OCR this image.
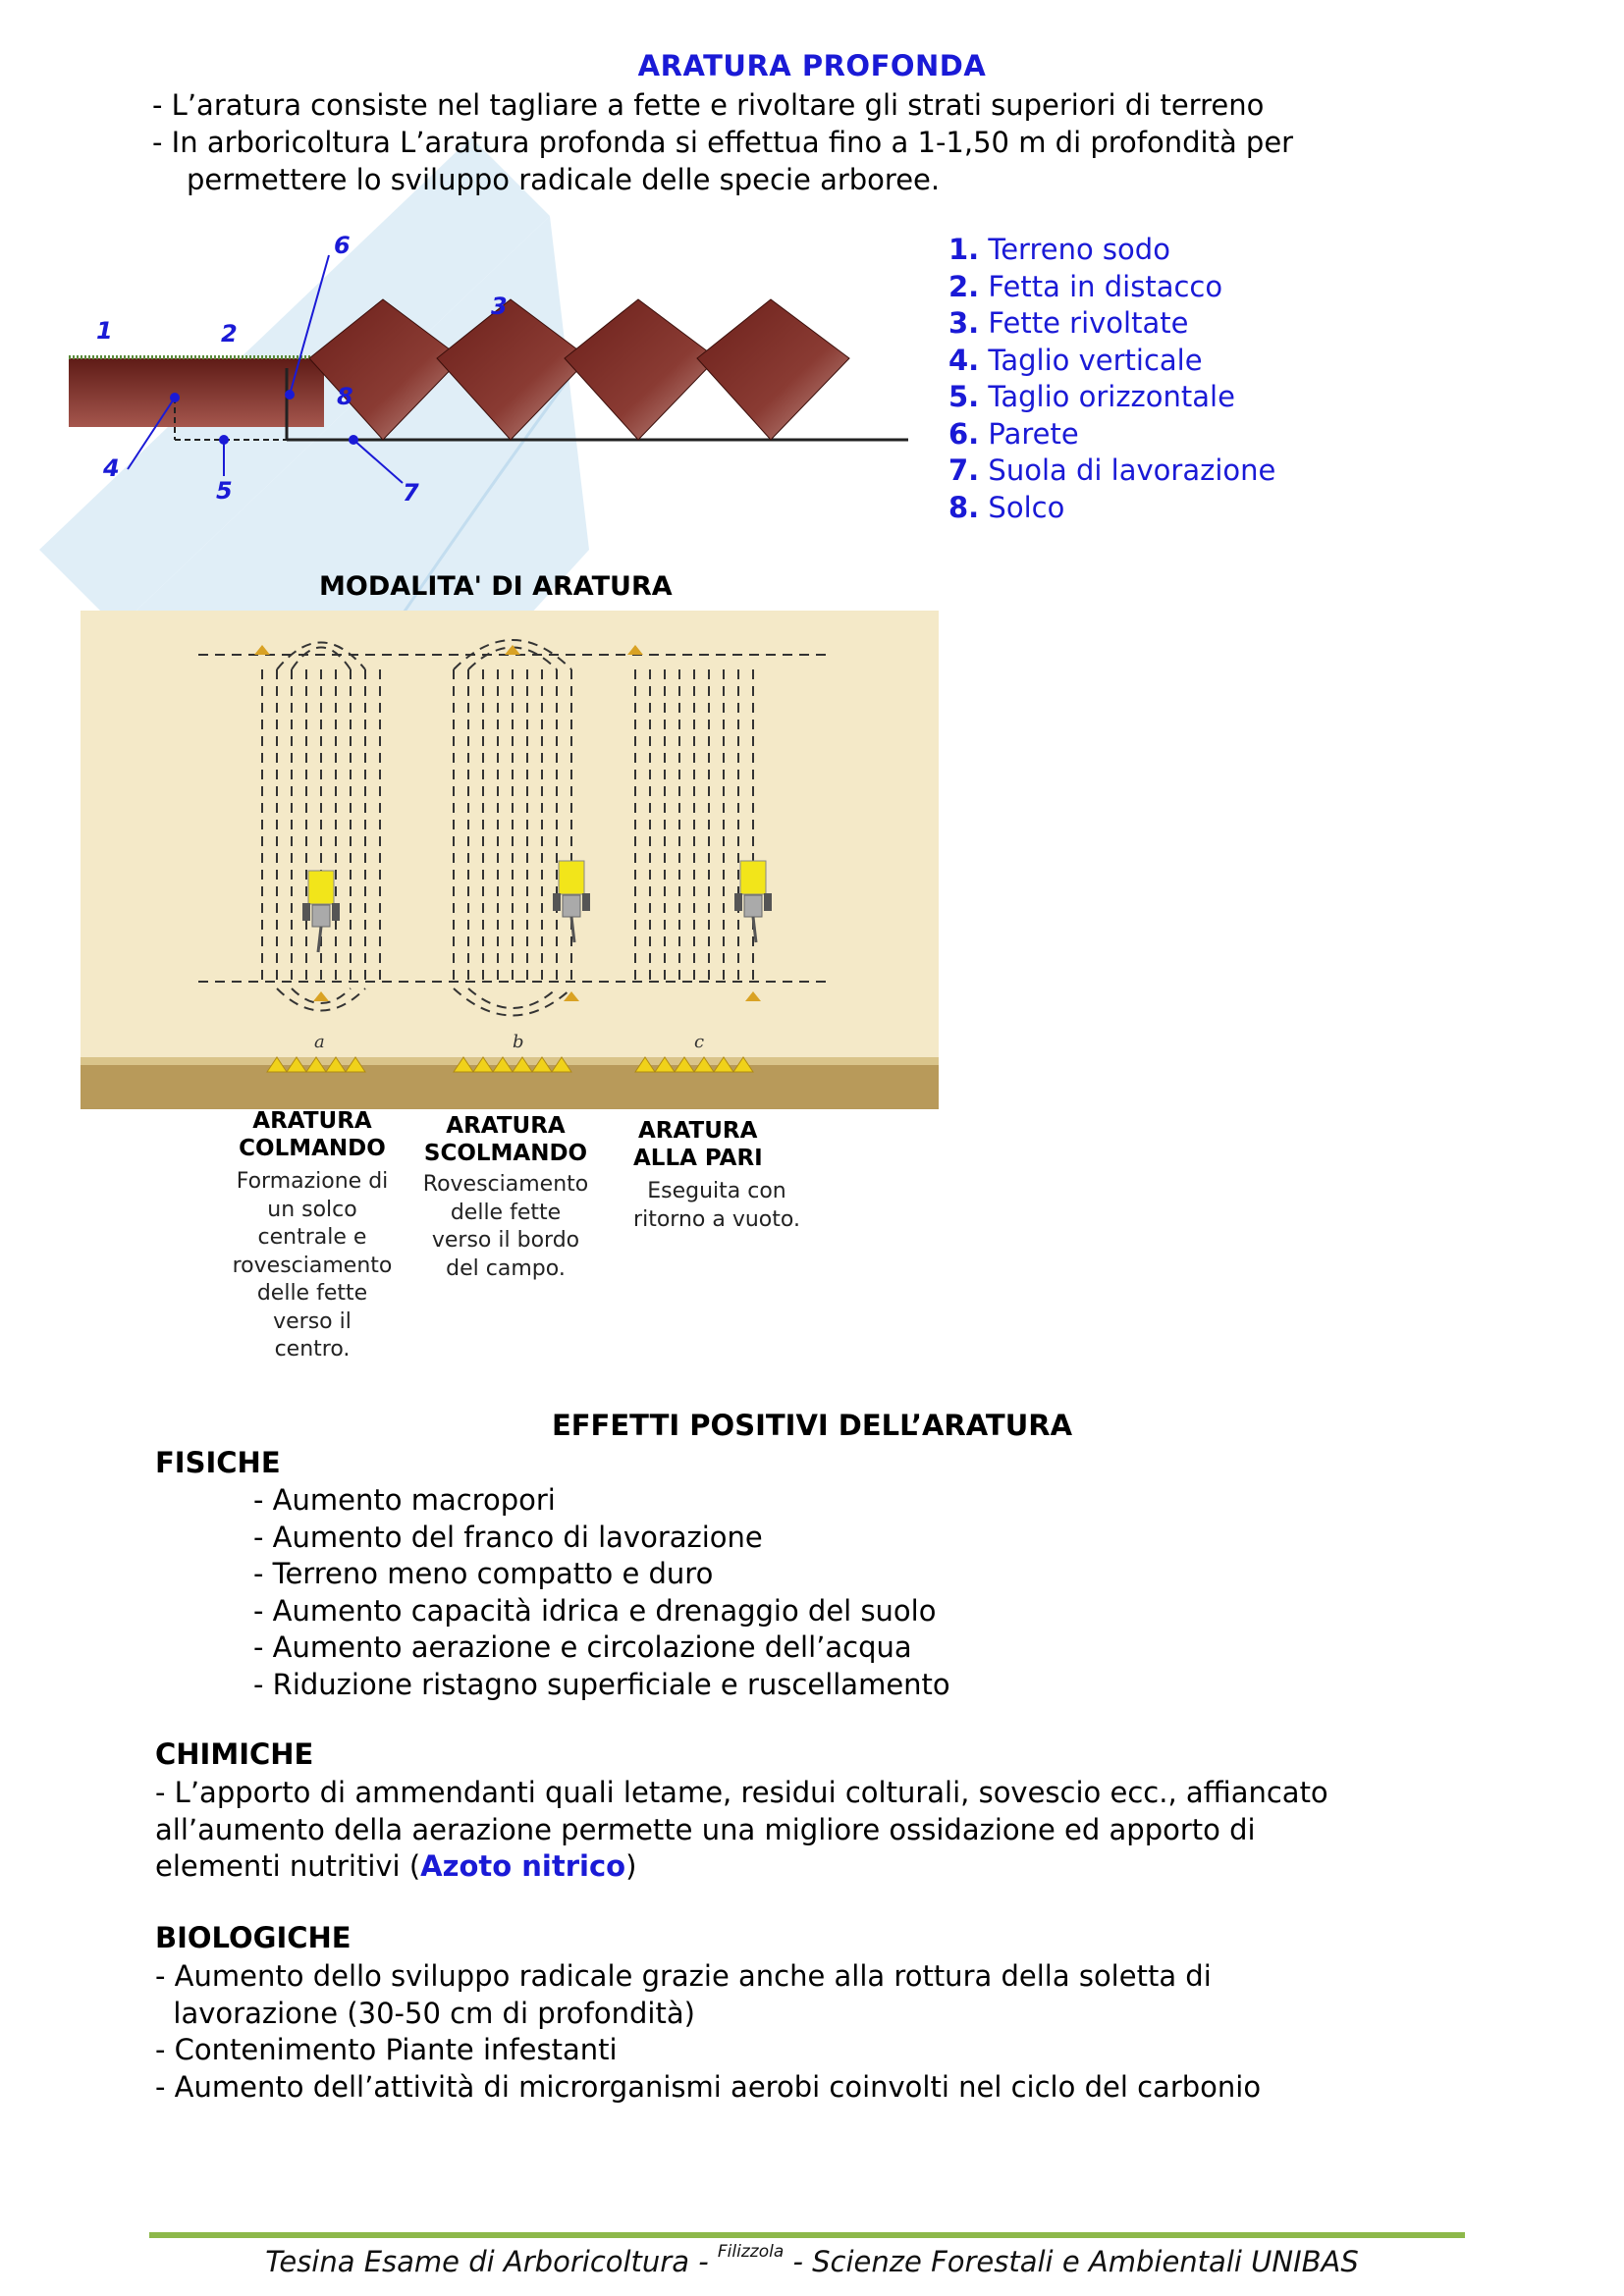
ARATURA PROFONDA
- L’aratura consiste nel tagliare a fette e rivoltare gli strati superiori di terreno
- In arboricoltura L’aratura profonda si effettua fino a 1-1,50 m di profondità per
permettere lo sviluppo radicale delle specie arboree.
1	2
3
4
5
6
7
8
1. Terreno sodo
2. Fetta in distacco
3. Fette rivoltate
4. Taglio verticale
5. Taglio orizzontale
6. Parete
7. Suola di lavorazione
8. Solco
MODALITA' DI ARATURA
a	b	c
ARATURA
COLMANDO
Formazione di
un solco
centrale e
rovesciamento
delle fette
verso il
centro.
ARATURA
SCOLMANDO
Rovesciamento
delle fette
verso il bordo
del campo.
ARATURA
ALLA PARI
Eseguita con
ritorno a vuoto.
EFFETTI POSITIVI DELL’ARATURA
FISICHE
- Aumento macropori
- Aumento del franco di lavorazione
- Terreno meno compatto e duro
- Aumento capacità idrica e drenaggio del suolo
- Aumento aerazione e circolazione dell’acqua
- Riduzione ristagno superficiale e ruscellamento
CHIMICHE
- L’apporto di ammendanti quali letame, residui colturali, sovescio ecc., affiancato
all’aumento della aerazione permette una migliore ossidazione ed apporto di
elementi nutritivi (Azoto nitrico)
BIOLOGICHE
- Aumento dello sviluppo radicale grazie anche alla rottura della soletta di
lavorazione (30-50 cm di profondità)
- Contenimento Piante infestanti
- Aumento dell’attività di microrganismi aerobi coinvolti nel ciclo del carbonio
Tesina Esame di Arboricoltura - $^{Filizzola}$ - Scienze Forestali e Ambientali UNIBAS
